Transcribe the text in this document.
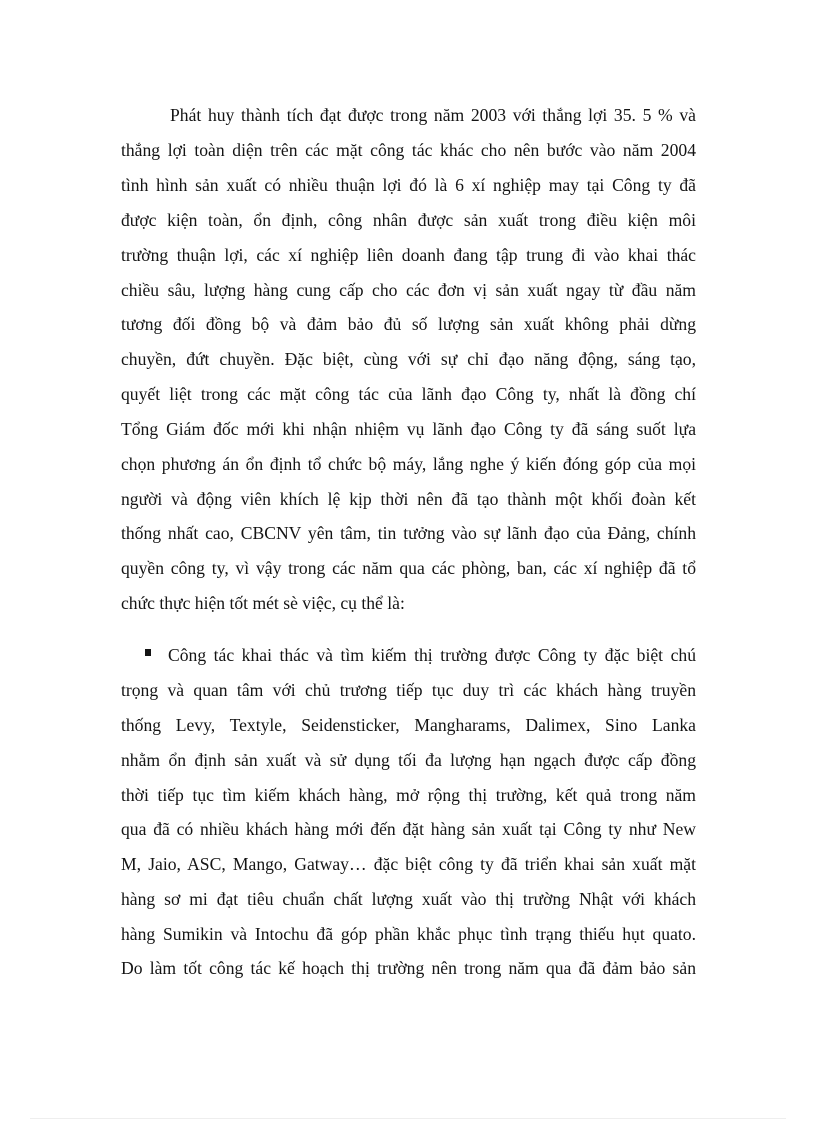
Phát huy thành tích đạt được trong năm 2003 với thắng lợi 35. 5 % và
thắng lợi toàn diện trên các mặt công tác khác cho nên bước vào năm 2004
tình hình sản xuất có nhiều thuận lợi đó là 6 xí nghiệp may tại Công ty đã
được kiện toàn, ổn định, công nhân được sản xuất trong điều kiện môi
trường thuận lợi, các xí nghiệp liên doanh đang tập trung đi vào khai thác
chiều sâu, lượng hàng cung cấp cho các đơn vị sản xuất ngay từ đầu năm
tương đối đồng bộ và đảm bảo đủ số lượng sản xuất không phải dừng
chuyền, đứt chuyền. Đặc biệt, cùng với sự chỉ đạo năng động, sáng tạo,
quyết liệt trong các mặt công tác của lãnh đạo Công ty, nhất là đồng chí
Tổng Giám đốc mới khi nhận nhiệm vụ lãnh đạo Công ty đã sáng suốt lựa
chọn phương án ổn định tổ chức bộ máy, lắng nghe ý kiến đóng góp của mọi
người và động viên khích lệ kịp thời nên đã tạo thành một khối đoàn kết
thống nhất cao, CBCNV yên tâm, tin tưởng vào sự lãnh đạo của Đảng, chính
quyền công ty, vì vậy trong các năm qua các phòng, ban, các xí nghiệp đã tổ
chức thực hiện tốt mét sè việc, cụ thể là:
Công tác khai thác và tìm kiếm thị trường được Công ty đặc biệt chú
trọng và quan tâm với chủ trương tiếp tục duy trì các khách hàng truyền
thống Levy, Textyle, Seidensticker, Mangharams, Dalimex, Sino Lanka
nhằm ổn định sản xuất và sử dụng tối đa lượng hạn ngạch được cấp đồng
thời tiếp tục tìm kiếm khách hàng, mở rộng thị trường, kết quả trong năm
qua đã có nhiều khách hàng mới đến đặt hàng sản xuất tại Công ty như New
M, Jaio, ASC, Mango, Gatway… đặc biệt công ty đã triển khai sản xuất mặt
hàng sơ mi đạt tiêu chuẩn chất lượng xuất vào thị trường Nhật với khách
hàng Sumikin và Intochu đã góp phần khắc phục tình trạng thiếu hụt quato.
Do làm tốt công tác kế hoạch thị trường nên trong năm qua đã đảm bảo sản
